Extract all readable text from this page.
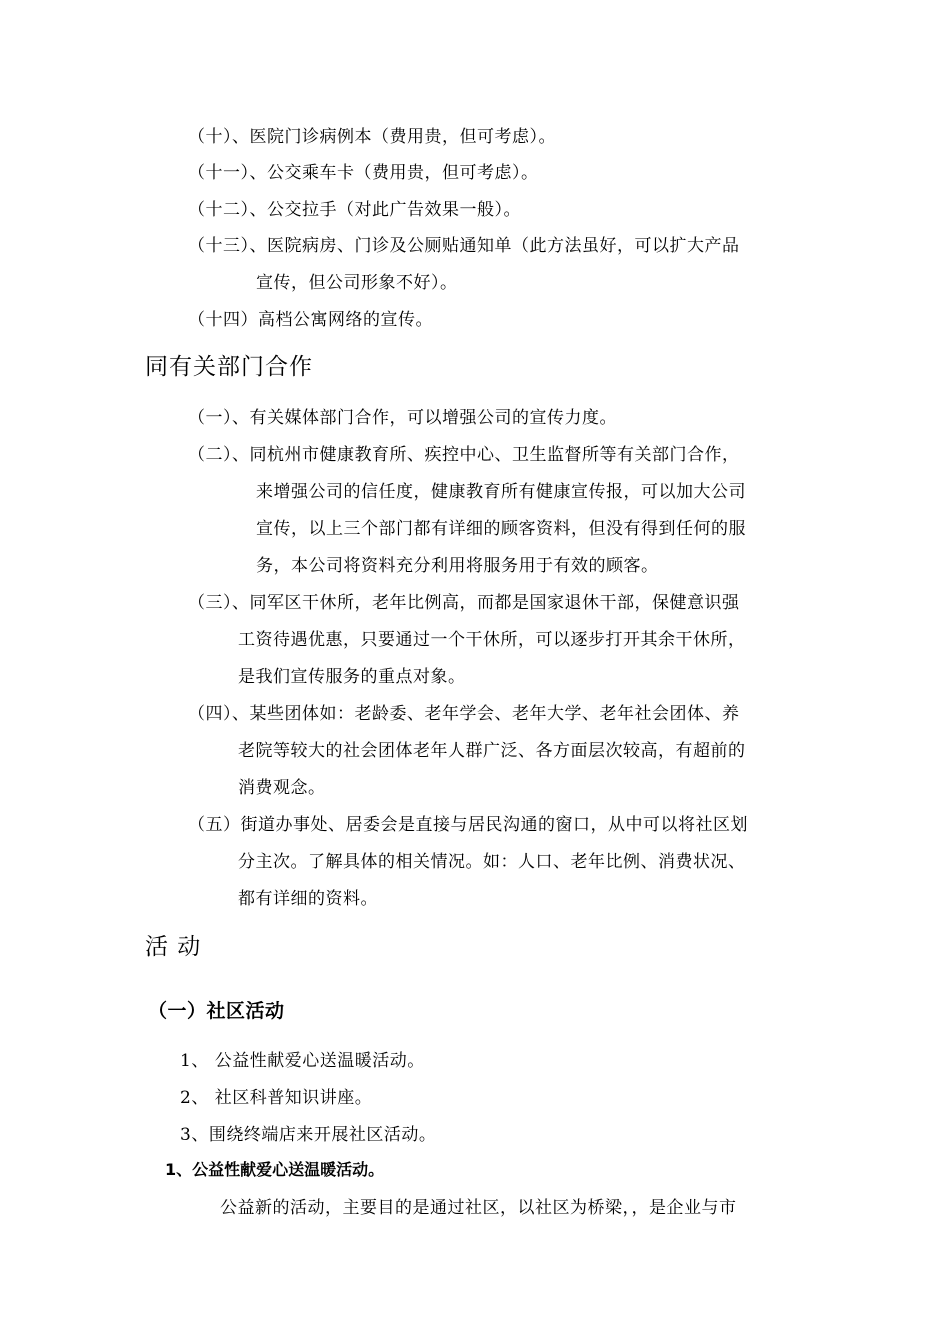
（十）、医院门诊病例本（费用贵，但可考虑）。
（十一）、公交乘车卡（费用贵，但可考虑）。
（十二）、公交拉手（对此广告效果一般）。
（十三）、医院病房、门诊及公厕贴通知单（此方法虽好，可以扩大产品
宣传，但公司形象不好）。
（十四）高档公寓网络的宣传。
同有关部门合作
（一）、有关媒体部门合作，可以增强公司的宣传力度。
（二）、同杭州市健康教育所、疾控中心、卫生监督所等有关部门合作，
来增强公司的信任度，健康教育所有健康宣传报，可以加大公司
宣传，以上三个部门都有详细的顾客资料，但没有得到任何的服
务，本公司将资料充分利用将服务用于有效的顾客。
（三）、同军区干休所，老年比例高，而都是国家退休干部，保健意识强
工资待遇优惠，只要通过一个干休所，可以逐步打开其余干休所，
是我们宣传服务的重点对象。
（四）、某些团体如：老龄委、老年学会、老年大学、老年社会团体、养
老院等较大的社会团体老年人群广泛、各方面层次较高，有超前的
消费观念。
（五）街道办事处、居委会是直接与居民沟通的窗口，从中可以将社区划
分主次。了解具体的相关情况。如：人口、老年比例、消费状况、
都有详细的资料。
活 动
（一）社区活动
1、 公益性献爱心送温暖活动。
2、 社区科普知识讲座。
3、围绕终端店来开展社区活动。
1、公益性献爱心送温暖活动。
公益新的活动，主要目的是通过社区，以社区为桥梁，，是企业与市
